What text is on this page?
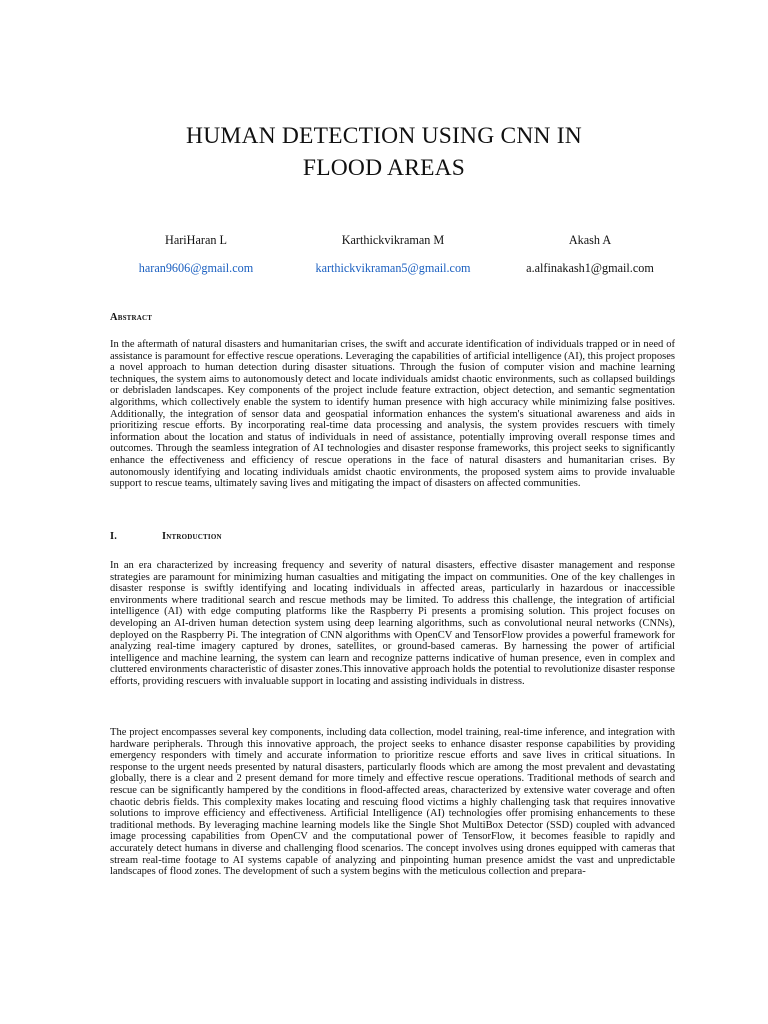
HUMAN DETECTION USING CNN IN
FLOOD AREAS
HariHaran L
haran9606@gmail.com
Karthickvikraman M
karthickvikraman5@gmail.com
Akash A
a.alfinakash1@gmail.com
Abstract

In the aftermath of natural disasters and humanitarian crises, the swift and accurate identification of individuals trapped or in need of assistance is paramount for effective rescue operations. Leveraging the capabilities of artificial intelligence (AI), this project proposes a novel approach to human detection during disaster situations. Through the fusion of computer vision and machine learning techniques, the system aims to autonomously detect and locate individuals amidst chaotic environments, such as collapsed buildings or debrisladen landscapes. Key components of the project include feature extraction, object detection, and semantic segmentation algorithms, which collectively enable the system to identify human presence with high accuracy while minimizing false positives. Additionally, the integration of sensor data and geospatial information enhances the system's situational awareness and aids in prioritizing rescue efforts. By incorporating real-time data processing and analysis, the system provides rescuers with timely information about the location and status of individuals in need of assistance, potentially improving overall response times and outcomes. Through the seamless integration of AI technologies and disaster response frameworks, this project seeks to significantly enhance the effectiveness and efficiency of rescue operations in the face of natural disasters and humanitarian crises. By autonomously identifying and locating individuals amidst chaotic environments, the proposed system aims to provide invaluable support to rescue teams, ultimately saving lives and mitigating the impact of disasters on affected communities.

I.	Introduction

In an era characterized by increasing frequency and severity of natural disasters, effective disaster management and response strategies are paramount for minimizing human casualties and mitigating the impact on communities. One of the key challenges in disaster response is swiftly identifying and locating individuals in affected areas, particularly in hazardous or inaccessible environments where traditional search and rescue methods may be limited. To address this challenge, the integration of artificial intelligence (AI) with edge computing platforms like the Raspberry Pi presents a promising solution. This project focuses on developing an AI-driven human detection system using deep learning algorithms, such as convolutional neural networks (CNNs), deployed on the Raspberry Pi. The integration of CNN algorithms with OpenCV and TensorFlow provides a powerful framework for analyzing real-time imagery captured by drones, satellites, or ground-based cameras. By harnessing the power of artificial intelligence and machine learning, the system can learn and recognize patterns indicative of human presence, even in complex and cluttered environments characteristic of disaster zones.This innovative approach holds the potential to revolutionize disaster response efforts, providing rescuers with invaluable support in locating and assisting individuals in distress.

The project encompasses several key components, including data collection, model training, real-time inference, and integration with hardware peripherals. Through this innovative approach, the project seeks to enhance disaster response capabilities by providing emergency responders with timely and accurate information to prioritize rescue efforts and save lives in critical situations. In response to the urgent needs presented by natural disasters, particularly floods which are among the most prevalent and devastating globally, there is a clear and 2 present demand for more timely and effective rescue operations. Traditional methods of search and rescue can be significantly hampered by the conditions in flood-affected areas, characterized by extensive water coverage and often chaotic debris fields. This complexity makes locating and rescuing flood victims a highly challenging task that requires innovative solutions to improve efficiency and effectiveness. Artificial Intelligence (AI) technologies offer promising enhancements to these traditional methods. By leveraging machine learning models like the Single Shot MultiBox Detector (SSD) coupled with advanced image processing capabilities from OpenCV and the computational power of TensorFlow, it becomes feasible to rapidly and accurately detect humans in diverse and challenging flood scenarios. The concept involves using drones equipped with cameras that stream real-time footage to AI systems capable of analyzing and pinpointing human presence amidst the vast and unpredictable landscapes of flood zones. The development of such a system begins with the meticulous collection and prepara-
